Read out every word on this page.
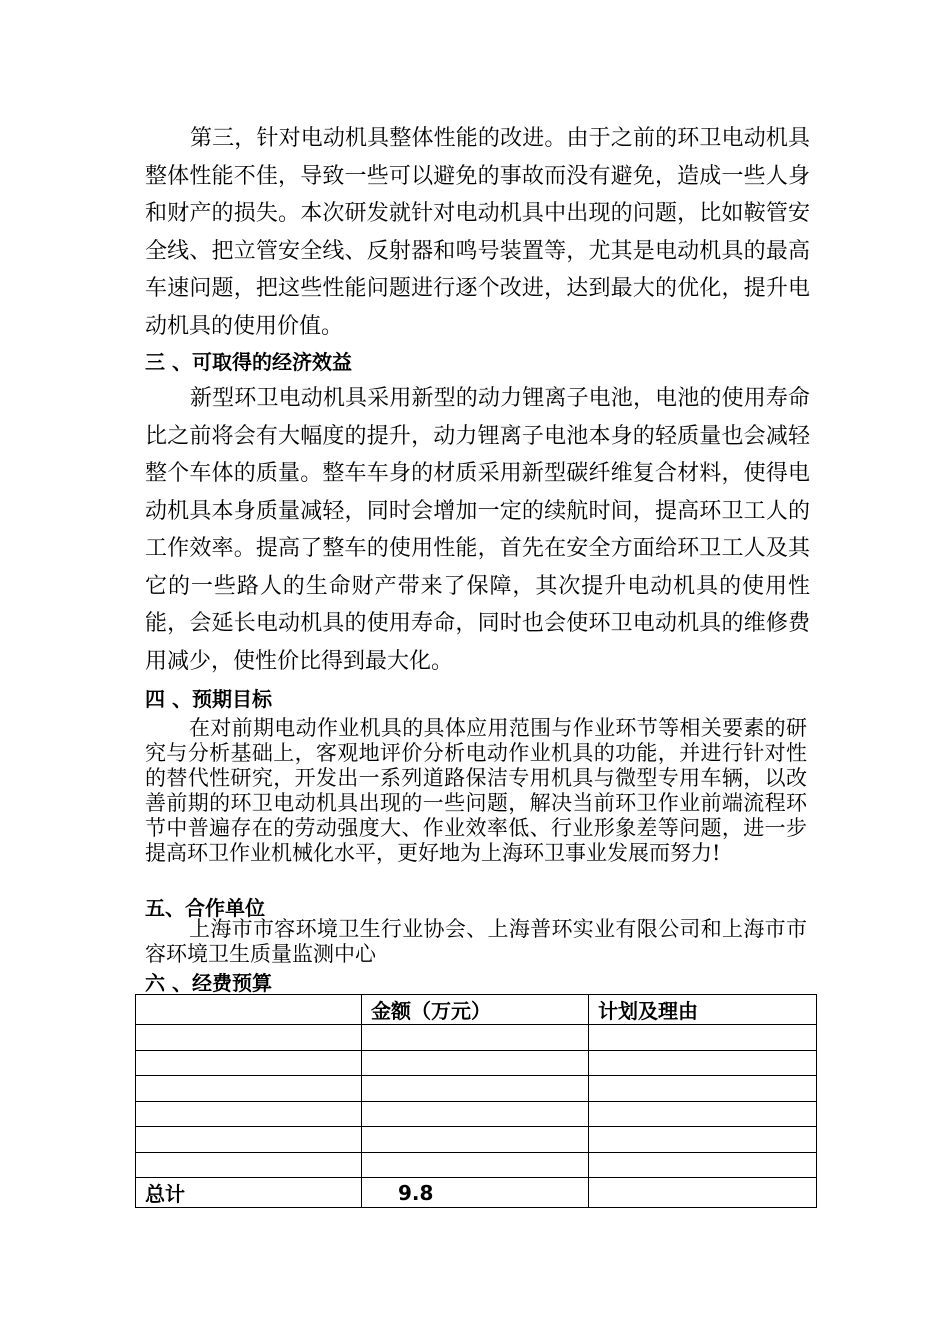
第三，针对电动机具整体性能的改进。由于之前的环卫电动机具整体性能不佳，导致一些可以避免的事故而没有避免，造成一些人身和财产的损失。本次研发就针对电动机具中出现的问题，比如鞍管安全线、把立管安全线、反射器和鸣号装置等，尤其是电动机具的最高车速问题，把这些性能问题进行逐个改进，达到最大的优化，提升电动机具的使用价值。

三 、可取得的经济效益

新型环卫电动机具采用新型的动力锂离子电池，电池的使用寿命比之前将会有大幅度的提升，动力锂离子电池本身的轻质量也会减轻整个车体的质量。整车车身的材质采用新型碳纤维复合材料，使得电动机具本身质量减轻，同时会增加一定的续航时间，提高环卫工人的工作效率。提高了整车的使用性能，首先在安全方面给环卫工人及其它的一些路人的生命财产带来了保障，其次提升电动机具的使用性能，会延长电动机具的使用寿命，同时也会使环卫电动机具的维修费用减少，使性价比得到最大化。

四 、预期目标

在对前期电动作业机具的具体应用范围与作业环节等相关要素的研究与分析基础上，客观地评价分析电动作业机具的功能，并进行针对性的替代性研究，开发出一系列道路保洁专用机具与微型专用车辆，以改善前期的环卫电动机具出现的一些问题，解决当前环卫作业前端流程环节中普遍存在的劳动强度大、作业效率低、行业形象差等问题，进一步提高环卫作业机械化水平，更好地为上海环卫事业发展而努力!

五、合作单位

上海市市容环境卫生行业协会、上海普环实业有限公司和上海市市容环境卫生质量监测中心

六 、经费预算
	金额（万元）	计划及理由

总计	9.8	
